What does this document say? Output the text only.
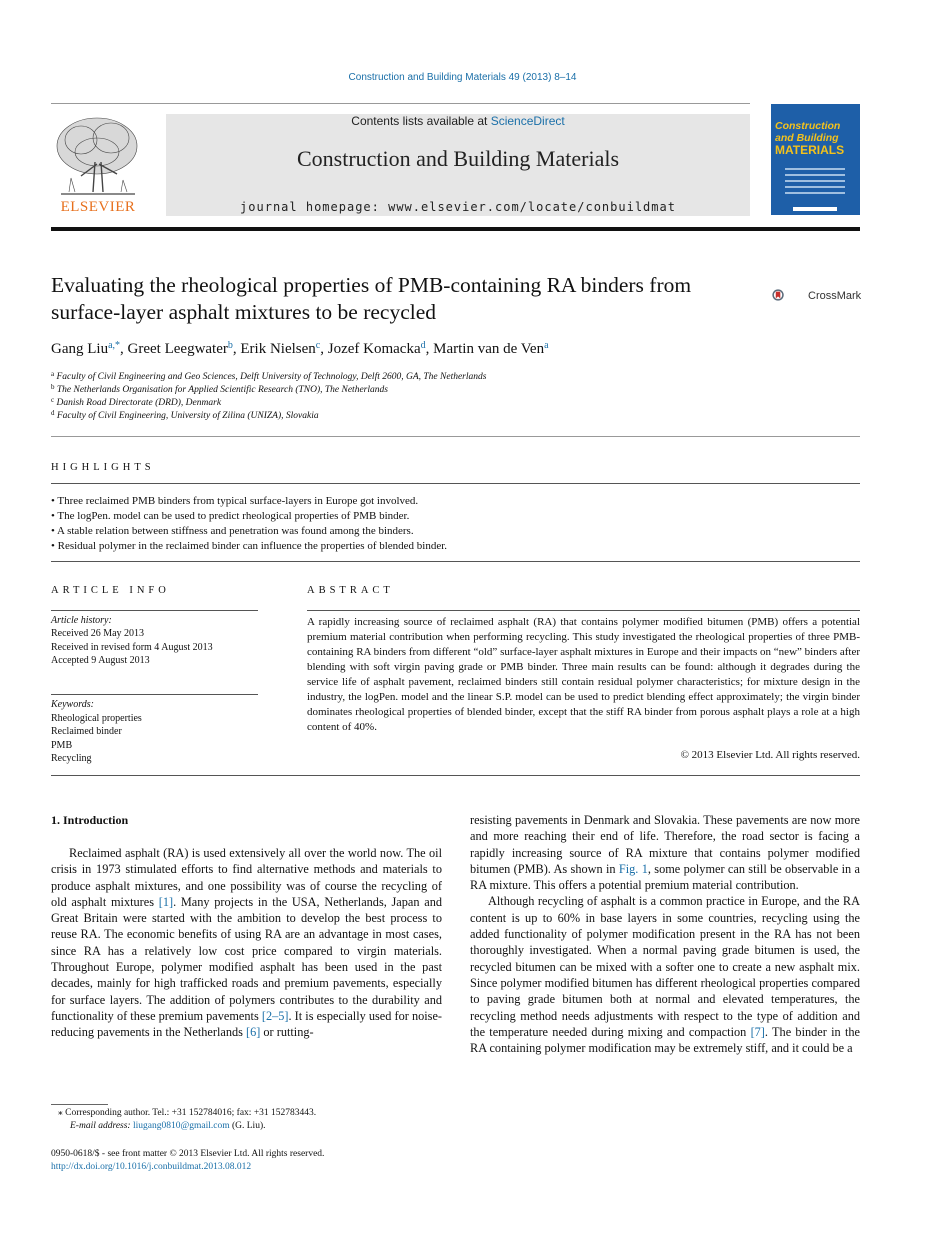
Construction and Building Materials 49 (2013) 8–14
ELSEVIER
Contents lists available at ScienceDirect
Construction and Building Materials
journal homepage: www.elsevier.com/locate/conbuildmat
Construction
and Building
MATERIALS
Evaluating the rheological properties of PMB-containing RA binders from surface-layer asphalt mixtures to be recycled
CrossMark
Gang Liu$^{a,*}$, Greet Leegwater$^b$, Erik Nielsen$^c$, Jozef Komacka$^d$, Martin van de Ven$^a$
$^a$ Faculty of Civil Engineering and Geo Sciences, Delft University of Technology, Delft 2600, GA, The Netherlands
$^b$ The Netherlands Organisation for Applied Scientific Research (TNO), The Netherlands
$^c$ Danish Road Directorate (DRD), Denmark
$^d$ Faculty of Civil Engineering, University of Zilina (UNIZA), Slovakia
HIGHLIGHTS
• Three reclaimed PMB binders from typical surface-layers in Europe got involved.
• The logPen. model can be used to predict rheological properties of PMB binder.
• A stable relation between stiffness and penetration was found among the binders.
• Residual polymer in the reclaimed binder can influence the properties of blended binder.
ARTICLE INFO
Article history:
Received 26 May 2013
Received in revised form 4 August 2013
Accepted 9 August 2013
Keywords:
Rheological properties
Reclaimed binder
PMB
Recycling
ABSTRACT
A rapidly increasing source of reclaimed asphalt (RA) that contains polymer modified bitumen (PMB) offers a potential premium material contribution when performing recycling. This study investigated the rheological properties of three PMB-containing RA binders from different “old” surface-layer asphalt mixtures in Europe and their impacts on “new” binders after blending with soft virgin paving grade or PMB binder. Three main results can be found: although it degrades during the service life of asphalt pavement, reclaimed binders still contain residual polymer characteristics; for mixture design in the industry, the logPen. model and the linear S.P. model can be used to predict blending effect approximately; the virgin binder dominates rheological properties of blended binder, except that the stiff RA binder from porous asphalt plays a role at a high content of 40%.
© 2013 Elsevier Ltd. All rights reserved.
1. Introduction

Reclaimed asphalt (RA) is used extensively all over the world now. The oil crisis in 1973 stimulated efforts to find alternative methods and materials to produce asphalt mixtures, and one possibility was of course the recycling of old asphalt mixtures [1]. Many projects in the USA, Netherlands, Japan and Great Britain were started with the ambition to develop the best process to reuse RA. The economic benefits of using RA are an advantage in most cases, since RA has a relatively low cost price compared to virgin materials. Throughout Europe, polymer modified asphalt has been used in the past decades, mainly for high trafficked roads and premium pavements, especially for surface layers. The addition of polymers contributes to the durability and functionality of these premium pavements [2–5]. It is especially used for noise-reducing pavements in the Netherlands [6] or rutting-

resisting pavements in Denmark and Slovakia. These pavements are now more and more reaching their end of life. Therefore, the road sector is facing a rapidly increasing source of RA mixture that contains polymer modified bitumen (PMB). As shown in Fig. 1, some polymer can still be observable in a RA mixture. This offers a potential premium material contribution.

Although recycling of asphalt is a common practice in Europe, and the RA content is up to 60% in base layers in some countries, recycling using the added functionality of polymer modification present in the RA has not been thoroughly investigated. When a normal paving grade bitumen is used, the recycled bitumen can be mixed with a softer one to create a new asphalt mix. Since polymer modified bitumen has different rheological properties compared to paving grade bitumen both at normal and elevated temperatures, the recycling method needs adjustments with respect to the type of addition and the temperature needed during mixing and compaction [7]. The binder in the RA containing polymer modification may be extremely stiff, and it could be a

⁎ Corresponding author. Tel.: +31 152784016; fax: +31 152783443.
E-mail address: liugang0810@gmail.com (G. Liu).
0950-0618/$ - see front matter © 2013 Elsevier Ltd. All rights reserved.
http://dx.doi.org/10.1016/j.conbuildmat.2013.08.012
